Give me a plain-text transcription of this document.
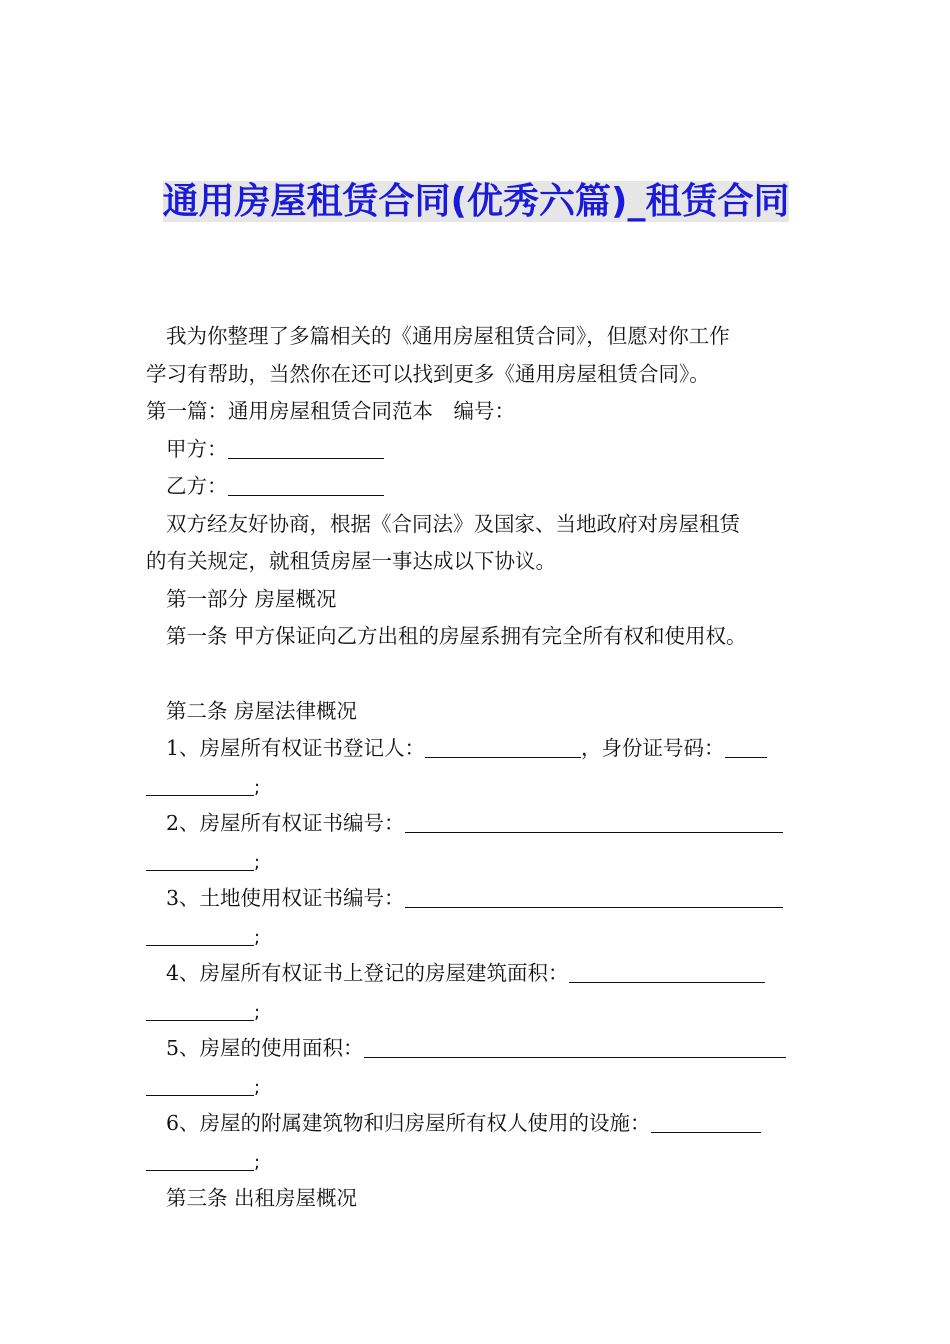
通用房屋租赁合同(优秀六篇)_租赁合同
我为你整理了多篇相关的《通用房屋租赁合同》，但愿对你工作
学习有帮助，当然你在还可以找到更多《通用房屋租赁合同》。
第一篇：通用房屋租赁合同范本　编号：
甲方：
乙方：
双方经友好协商，根据《合同法》及国家、当地政府对房屋租赁
的有关规定，就租赁房屋一事达成以下协议。
第一部分 房屋概况
第一条 甲方保证向乙方出租的房屋系拥有完全所有权和使用权。
第二条 房屋法律概况
1、房屋所有权证书登记人：	，身份证号码：
;
2、房屋所有权证书编号：
;
3、土地使用权证书编号：
;
4、房屋所有权证书上登记的房屋建筑面积：
;
5、房屋的使用面积：
;
6、房屋的附属建筑物和归房屋所有权人使用的设施：
;
第三条 出租房屋概况
